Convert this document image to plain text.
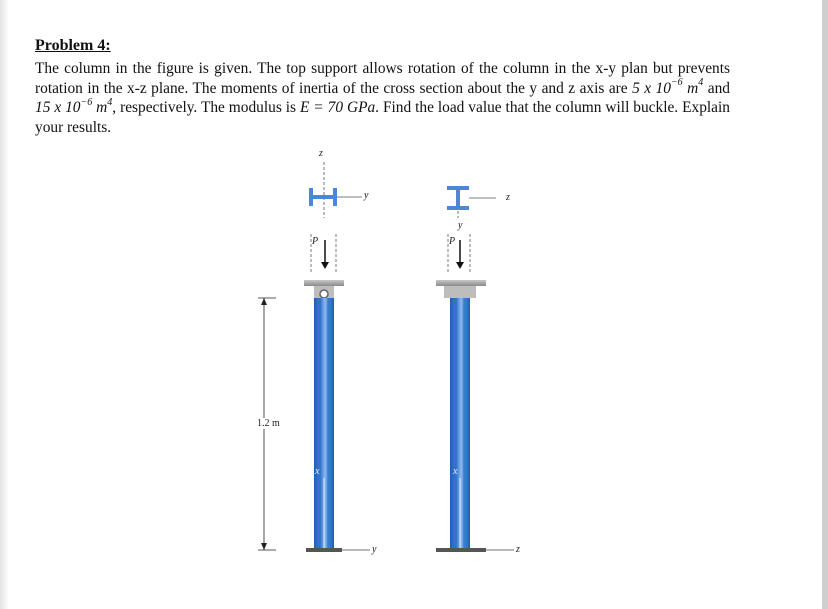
Problem 4:

The column in the figure is given. The top support allows rotation of the column in the x-y plan but prevents rotation in the x-z plane. The moments of inertia of the cross section about the y and z axis are 5 x $10^{-6}$ $m^4$ and 15 x $10^{-6}$ $m^4$, respectively. The modulus is E = 70 GPa. Find the load value that the column will buckle. Explain your results.

z
y
P
1.2 m
x
y
z
y
P
x
z
